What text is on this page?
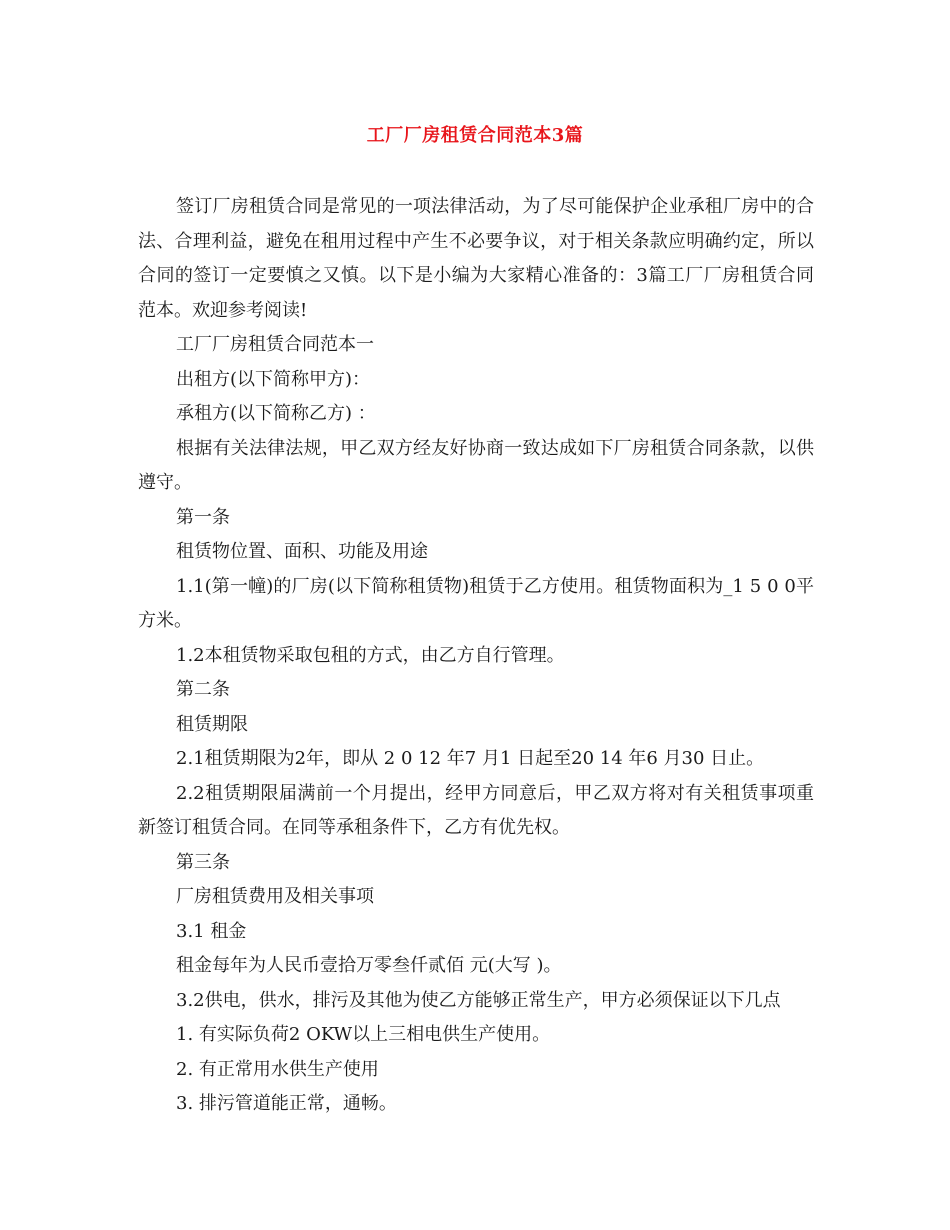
工厂厂房租赁合同范本3篇

签订厂房租赁合同是常见的一项法律活动，为了尽可能保护企业承租厂房中的合法、合理利益，避免在租用过程中产生不必要争议，对于相关条款应明确约定，所以合同的签订一定要慎之又慎。以下是小编为大家精心准备的：3篇工厂厂房租赁合同范本。欢迎参考阅读!

工厂厂房租赁合同范本一

出租方(以下简称甲方)：

承租方(以下简称乙方) ：

根据有关法律法规，甲乙双方经友好协商一致达成如下厂房租赁合同条款，以供遵守。

第一条

租赁物位置、面积、功能及用途

1.1(第一幢)的厂房(以下简称租赁物)租赁于乙方使用。租赁物面积为_1 5 0 0平方米。

1.2本租赁物采取包租的方式，由乙方自行管理。

第二条

租赁期限

2.1租赁期限为2年，即从 2 0 12 年7 月1 日起至20 14 年6 月30 日止。

2.2租赁期限届满前一个月提出，经甲方同意后，甲乙双方将对有关租赁事项重新签订租赁合同。在同等承租条件下，乙方有优先权。

第三条

厂房租赁费用及相关事项

3.1 租金

租金每年为人民币壹拾万零叁仟贰佰 元(大写 )。

3.2供电，供水，排污及其他为使乙方能够正常生产，甲方必须保证以下几点

1. 有实际负荷2 OKW以上三相电供生产使用。

2. 有正常用水供生产使用

3. 排污管道能正常，通畅。
